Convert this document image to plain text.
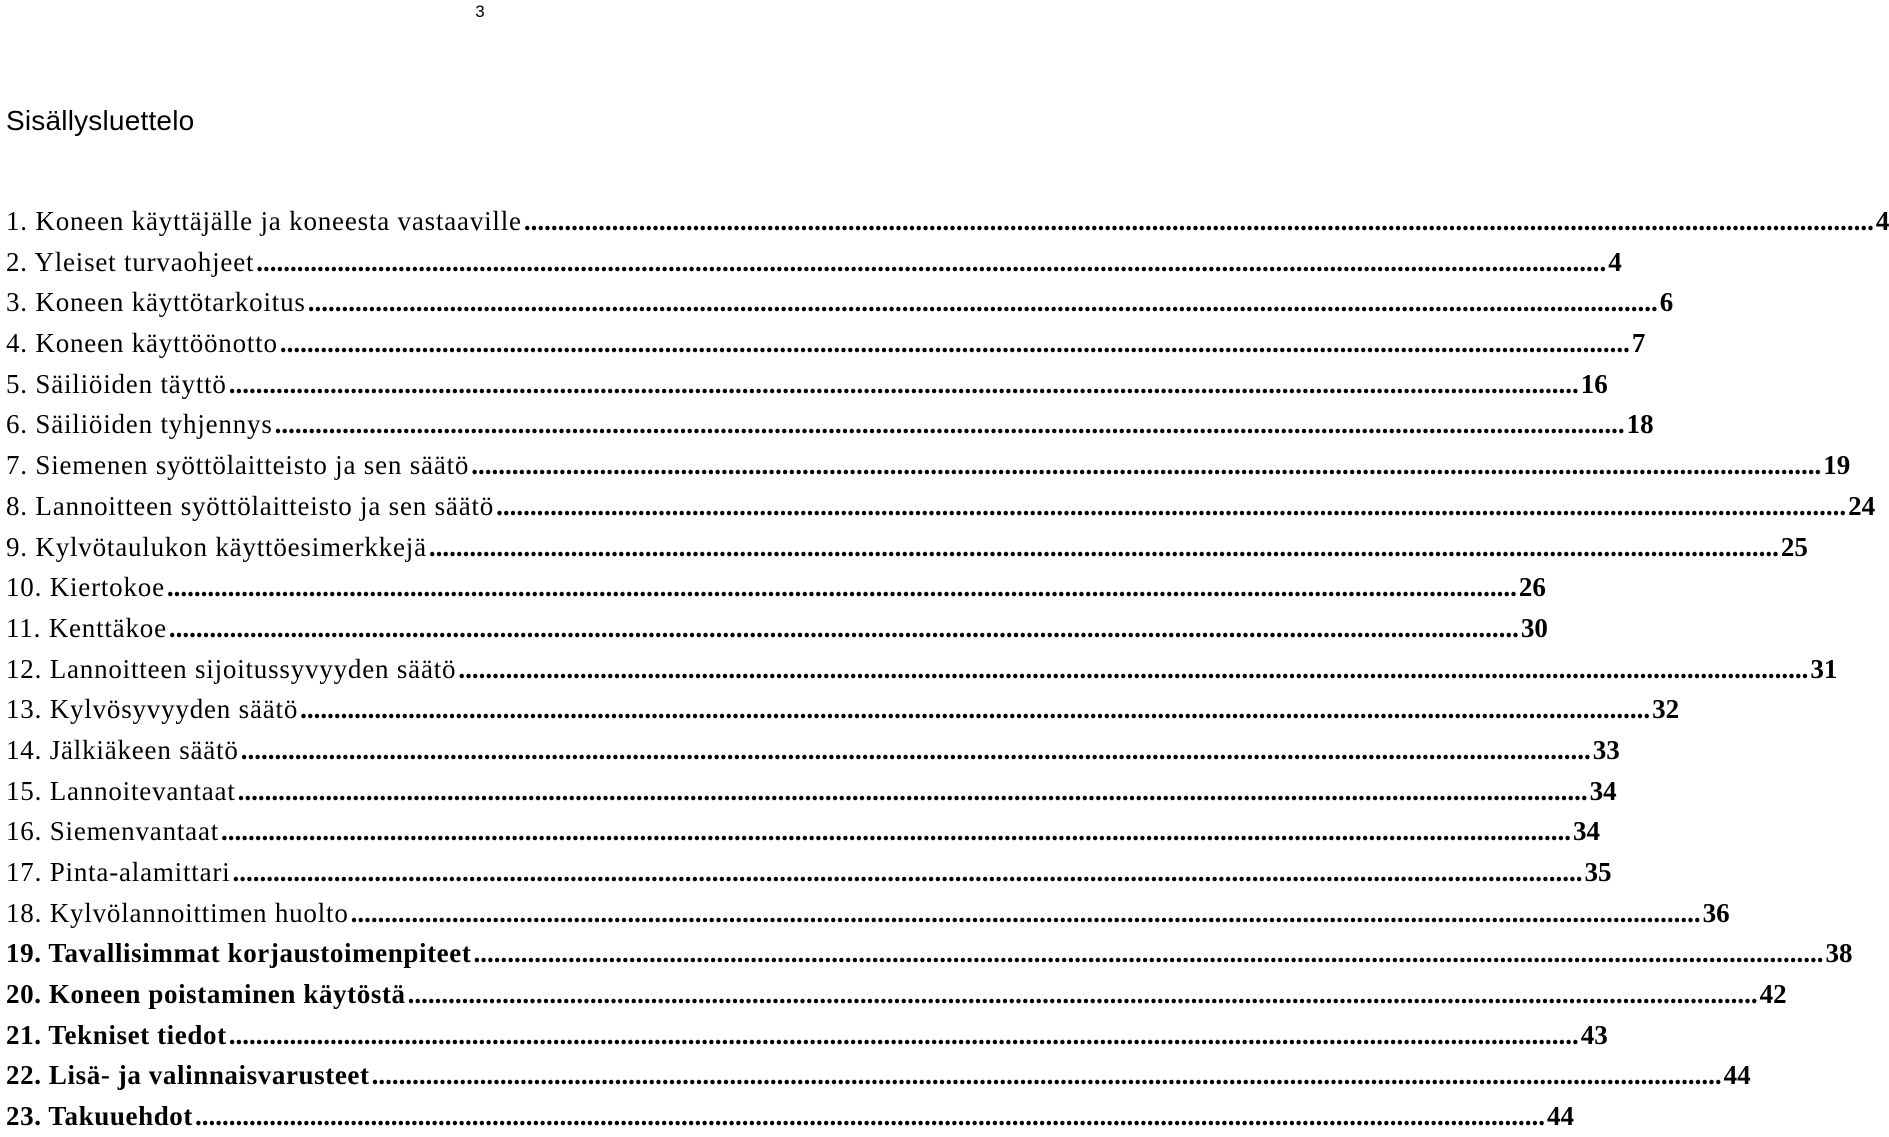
3
Sisällysluettelo
1. Koneen käyttäjälle ja koneesta vastaaville ........................................................................................................................................................................................................ 4
2. Yleiset turvaohjeet ........................................................................................................................................................................................................ 4
3. Koneen käyttötarkoitus ........................................................................................................................................................................................................ 6
4. Koneen käyttöönotto ........................................................................................................................................................................................................ 7
5. Säiliöiden täyttö ........................................................................................................................................................................................................ 16
6. Säiliöiden tyhjennys ........................................................................................................................................................................................................ 18
7. Siemenen syöttölaitteisto ja sen säätö ........................................................................................................................................................................................................ 19
8. Lannoitteen syöttölaitteisto ja sen säätö ........................................................................................................................................................................................................ 24
9. Kylvötaulukon käyttöesimerkkejä ........................................................................................................................................................................................................ 25
10. Kiertokoe ........................................................................................................................................................................................................ 26
11. Kenttäkoe ........................................................................................................................................................................................................ 30
12. Lannoitteen sijoitussyvyyden säätö ........................................................................................................................................................................................................ 31
13. Kylvösyvyyden säätö ........................................................................................................................................................................................................ 32
14. Jälkiäkeen säätö ........................................................................................................................................................................................................ 33
15. Lannoitevantaat ........................................................................................................................................................................................................ 34
16. Siemenvantaat ........................................................................................................................................................................................................ 34
17. Pinta-alamittari ........................................................................................................................................................................................................ 35
18. Kylvölannoittimen huolto ........................................................................................................................................................................................................ 36
19. Tavallisimmat korjaustoimenpiteet ........................................................................................................................................................................................................ 38
20. Koneen poistaminen käytöstä ........................................................................................................................................................................................................ 42
21. Tekniset tiedot ........................................................................................................................................................................................................ 43
22. Lisä- ja valinnaisvarusteet ........................................................................................................................................................................................................ 44
23. Takuuehdot ........................................................................................................................................................................................................ 44
